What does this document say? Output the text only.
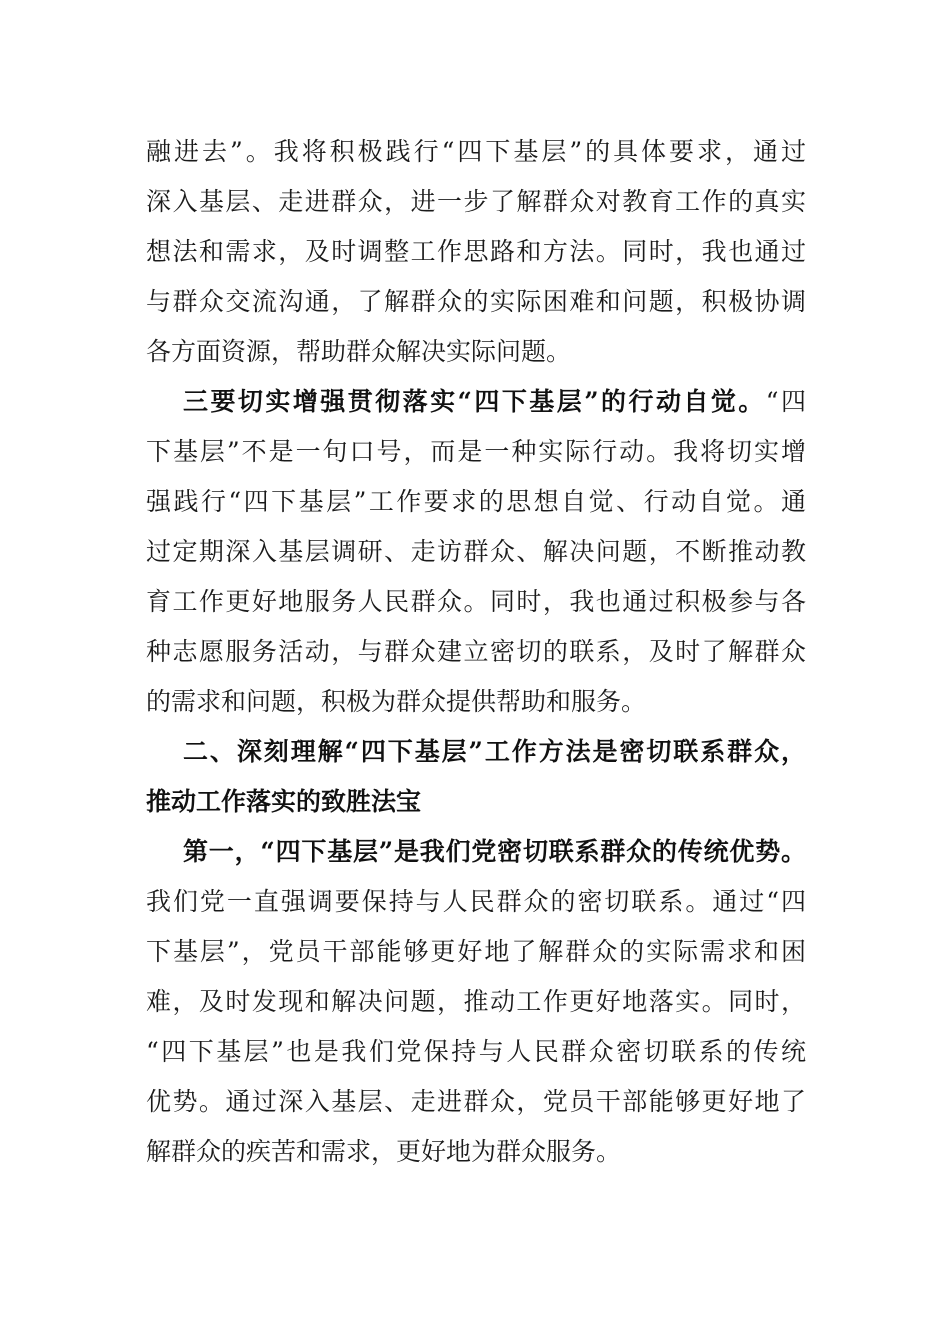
融进去”。我将积极践行“四下基层”的具体要求，通过
深入基层、走进群众，进一步了解群众对教育工作的真实
想法和需求，及时调整工作思路和方法。同时，我也通过
与群众交流沟通，了解群众的实际困难和问题，积极协调
各方面资源，帮助群众解决实际问题。
三要切实增强贯彻落实“四下基层”的行动自觉。“四
下基层”不是一句口号，而是一种实际行动。我将切实增
强践行“四下基层”工作要求的思想自觉、行动自觉。通
过定期深入基层调研、走访群众、解决问题，不断推动教
育工作更好地服务人民群众。同时，我也通过积极参与各
种志愿服务活动，与群众建立密切的联系，及时了解群众
的需求和问题，积极为群众提供帮助和服务。
二、深刻理解“四下基层”工作方法是密切联系群众，
推动工作落实的致胜法宝
第一，“四下基层”是我们党密切联系群众的传统优势。
我们党一直强调要保持与人民群众的密切联系。通过“四
下基层”，党员干部能够更好地了解群众的实际需求和困
难，及时发现和解决问题，推动工作更好地落实。同时，
“四下基层”也是我们党保持与人民群众密切联系的传统
优势。通过深入基层、走进群众，党员干部能够更好地了
解群众的疾苦和需求，更好地为群众服务。
